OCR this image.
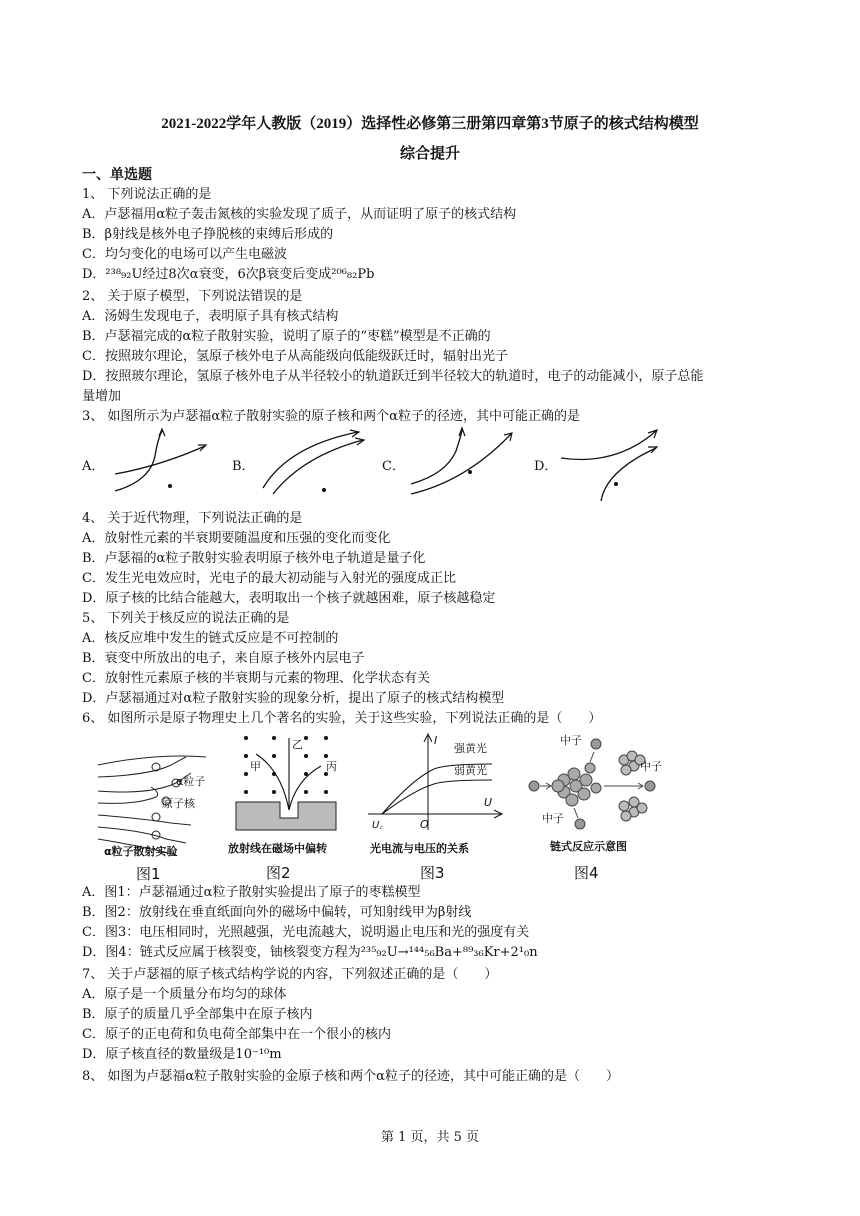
2021-2022学年人教版（2019）选择性必修第三册第四章第3节原子的核式结构模型
综合提升
一、单选题
1、 下列说法正确的是
A．卢瑟福用α粒子轰击氮核的实验发现了质子，从而证明了原子的核式结构
B．β射线是核外电子挣脱核的束缚后形成的
C．均匀变化的电场可以产生电磁波
D．²³⁸₉₂U经过8次α衰变，6次β衰变后变成²⁰⁶₈₂Pb
2、 关于原子模型，下列说法错误的是
A．汤姆生发现电子，表明原子具有核式结构
B．卢瑟福完成的α粒子散射实验，说明了原子的“枣糕”模型是不正确的
C．按照玻尔理论，氢原子核外电子从高能级向低能级跃迁时，辐射出光子
D．按照玻尔理论，氢原子核外电子从半径较小的轨道跃迁到半径较大的轨道时，电子的动能减小，原子总能
量增加
3、 如图所示为卢瑟福α粒子散射实验的原子核和两个α粒子的径迹，其中可能正确的是
A．	B．	C．	D．
4、 关于近代物理，下列说法正确的是
A．放射性元素的半衰期要随温度和压强的变化而变化
B．卢瑟福的α粒子散射实验表明原子核外电子轨道是量子化
C．发生光电效应时，光电子的最大初动能与入射光的强度成正比
D．原子核的比结合能越大，表明取出一个核子就越困难，原子核越稳定
5、 下列关于核反应的说法正确的是
A．核反应堆中发生的链式反应是不可控制的
B．衰变中所放出的电子，来自原子核外内层电子
C．放射性元素原子核的半衰期与元素的物理、化学状态有关
D．卢瑟福通过对α粒子散射实验的现象分析，提出了原子的核式结构模型
6、 如图所示是原子物理史上几个著名的实验，关于这些实验，下列说法正确的是（　　）
α粒子
原子核
α粒子散射实验
图1
乙
甲	丙
放射线在磁场中偏转
图2
I
强黄光
弱黄光
U
O
U꜀
光电流与电压的关系
图3
中子
中子
中子
链式反应示意图
图4
A．图1：卢瑟福通过α粒子散射实验提出了原子的枣糕模型
B．图2：放射线在垂直纸面向外的磁场中偏转，可知射线甲为β射线
C．图3：电压相同时，光照越强，光电流越大，说明遏止电压和光的强度有关
D．图4：链式反应属于核裂变，铀核裂变方程为²³⁵₉₂U→¹⁴⁴₅₆Ba+⁸⁹₃₆Kr+2¹₀n
7、 关于卢瑟福的原子核式结构学说的内容，下列叙述正确的是（　　）
A．原子是一个质量分布均匀的球体
B．原子的质量几乎全部集中在原子核内
C．原子的正电荷和负电荷全部集中在一个很小的核内
D．原子核直径的数量级是10⁻¹⁰m
8、 如图为卢瑟福α粒子散射实验的金原子核和两个α粒子的径迹，其中可能正确的是（　　）
第 1 页，共 5 页
